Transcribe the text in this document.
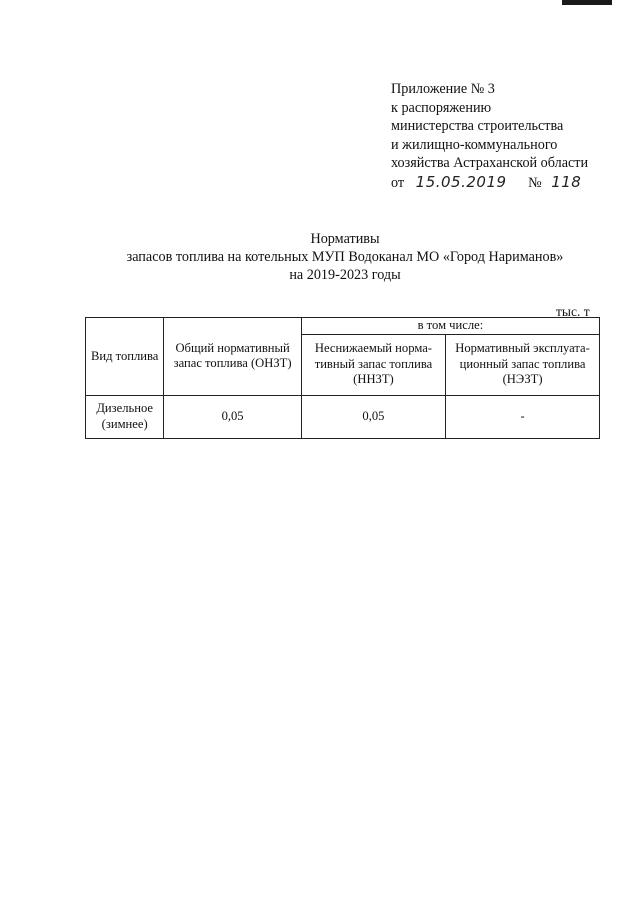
Приложение № 3
к распоряжению
министерства строительства
и жилищно-коммунального
хозяйства Астраханской области
от 15.05.2019 № 118
Нормативы
запасов топлива на котельных МУП Водоканал МО «Город Нариманов»
на 2019-2023 годы
тыс. т
Вид топлива	Общий нормативный запас топлива (ОНЗТ)	в том числе:	
		Неснижаемый норма-тивный запас топлива (ННЗТ)	Нормативный эксплуата-ционный запас топлива (НЭЗТ)
Дизельное (зимнее)	0,05	0,05	-
